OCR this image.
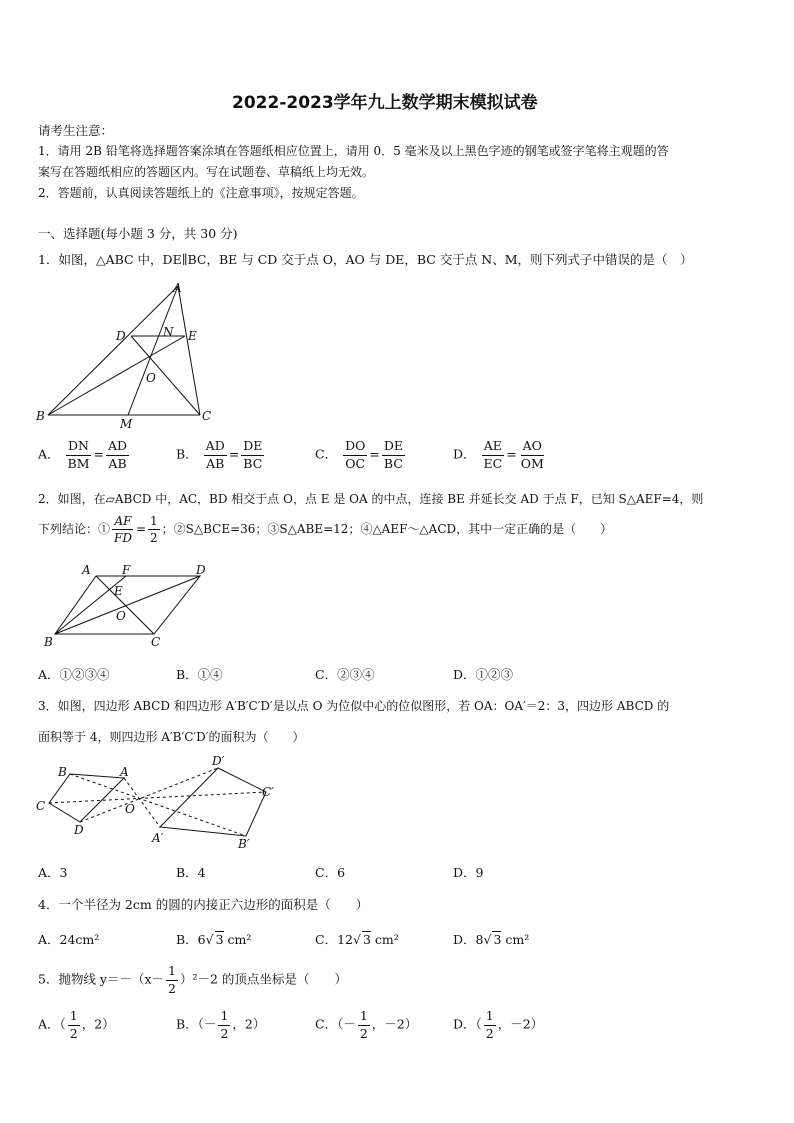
2022-2023学年九上数学期末模拟试卷
请考生注意：
1．请用 2B 铅笔将选择题答案涂填在答题纸相应位置上，请用 0．5 毫米及以上黑色字迹的钢笔或签字笔将主观题的答
案写在答题纸相应的答题区内。写在试题卷、草稿纸上均无效。
2．答题前，认真阅读答题纸上的《注意事项》，按规定答题。
一、选择题(每小题 3 分，共 30 分)
1．如图，△ABC 中，DE∥BC，BE 与 CD 交于点 O，AO 与 DE，BC 交于点 N、M，则下列式子中错误的是（　）
A
B	C
D	E
N
O
M
A． $\frac{DN}{BM} = \frac{AD}{AB}$	B． $\frac{AD}{AB} = \frac{DE}{BC}$	C． $\frac{DO}{OC} = \frac{DE}{BC}$	D． $\frac{AE}{EC} = \frac{AO}{OM}$
2．如图，在▱ABCD 中，AC，BD 相交于点 O，点 E 是 OA 的中点，连接 BE 并延长交 AD 于点 F，已知 S△AEF=4，则
下列结论：① $\frac{AF}{FD} = \frac{1}{2}$ ；②S△BCE=36；③S△ABE=12；④△AEF～△ACD，其中一定正确的是（　　）
A	F	D
E
O
B	C
A．①②③④	B．①④	C．②③④	D．①②③
3．如图，四边形 ABCD 和四边形 A′B′C′D′是以点 O 为位似中心的位似图形，若 OA：OA′＝2：3，四边形 ABCD 的
面积等于 4，则四边形 A′B′C′D′的面积为（　　）
B	A
C
D
O
D′
C′
A′	B′
A．3	B．4	C．6	D．9
4．一个半径为 2cm 的圆的内接正六边形的面积是（　　）
A．24cm²	B．6√ 3 cm²	C．12√ 3 cm²	D．8√ 3 cm²
5．抛物线 $y=-(x- \frac{1}{2} )^2-2$ 的顶点坐标是（　　）
A．（ $\frac{1}{2}$ ，2）	B．（－ $\frac{1}{2}$ ，2）	C．（－ $\frac{1}{2}$ ，－2）	D．（ $\frac{1}{2}$ ，－2）
